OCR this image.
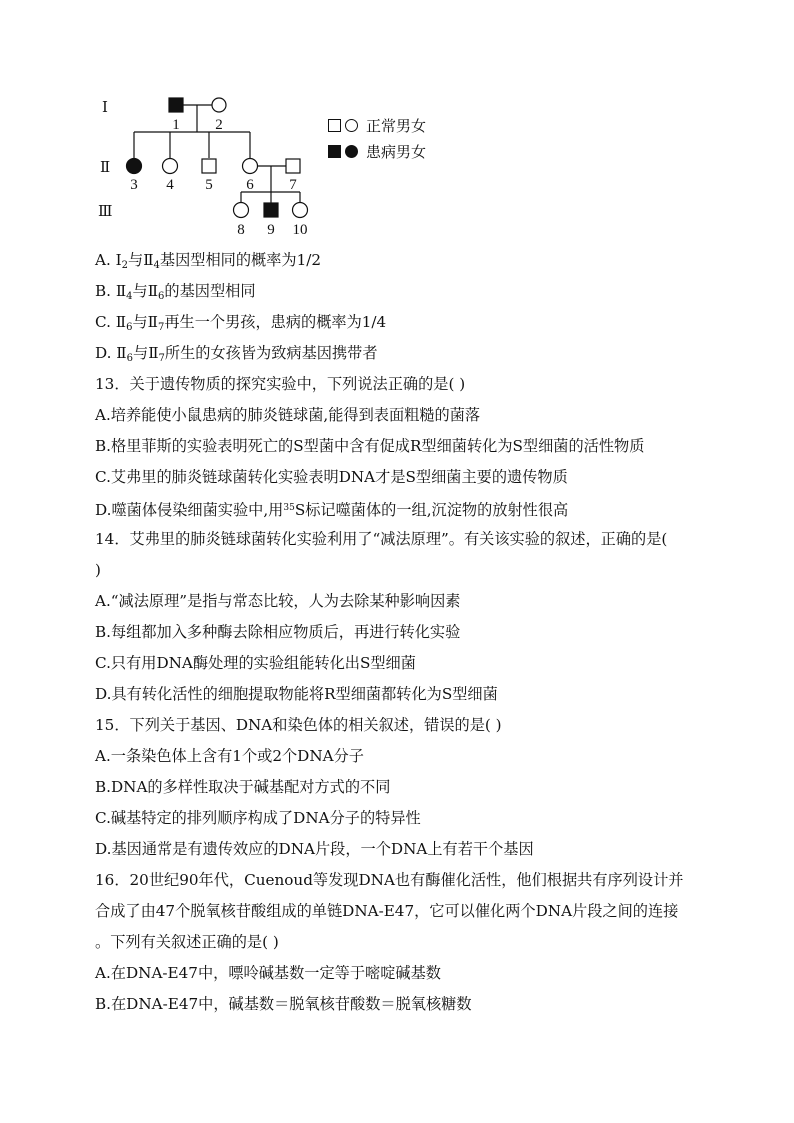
Ⅰ
Ⅱ
Ⅲ
1 2
3 4 5 6 7
8 9 10
正常男女
患病男女
A. $Ⅰ_2$与$Ⅱ_4$基因型相同的概率为1/2
B. $Ⅱ_4$与$Ⅱ_6$的基因型相同
C. $Ⅱ_6$与$Ⅱ_7$再生一个男孩，患病的概率为1/4
D. $Ⅱ_6$与$Ⅱ_7$所生的女孩皆为致病基因携带者
13．关于遗传物质的探究实验中，下列说法正确的是( )
A.培养能使小鼠患病的肺炎链球菌,能得到表面粗糙的菌落
B.格里菲斯的实验表明死亡的S型菌中含有促成R型细菌转化为S型细菌的活性物质
C.艾弗里的肺炎链球菌转化实验表明DNA才是S型细菌主要的遗传物质
D.噬菌体侵染细菌实验中,用$^{35}$S标记噬菌体的一组,沉淀物的放射性很高
14．艾弗里的肺炎链球菌转化实验利用了“减法原理”。有关该实验的叙述，正确的是(
)
A.“减法原理”是指与常态比较，人为去除某种影响因素
B.每组都加入多种酶去除相应物质后，再进行转化实验
C.只有用DNA酶处理的实验组能转化出S型细菌
D.具有转化活性的细胞提取物能将R型细菌都转化为S型细菌
15．下列关于基因、DNA和染色体的相关叙述，错误的是( )
A.一条染色体上含有1个或2个DNA分子
B.DNA的多样性取决于碱基配对方式的不同
C.碱基特定的排列顺序构成了DNA分子的特异性
D.基因通常是有遗传效应的DNA片段，一个DNA上有若干个基因
16．20世纪90年代，Cuenoud等发现DNA也有酶催化活性，他们根据共有序列设计并
合成了由47个脱氧核苷酸组成的单链DNA-E47，它可以催化两个DNA片段之间的连接
。下列有关叙述正确的是( )
A.在DNA-E47中，嘌呤碱基数一定等于嘧啶碱基数
B.在DNA-E47中，碱基数＝脱氧核苷酸数＝脱氧核糖数
